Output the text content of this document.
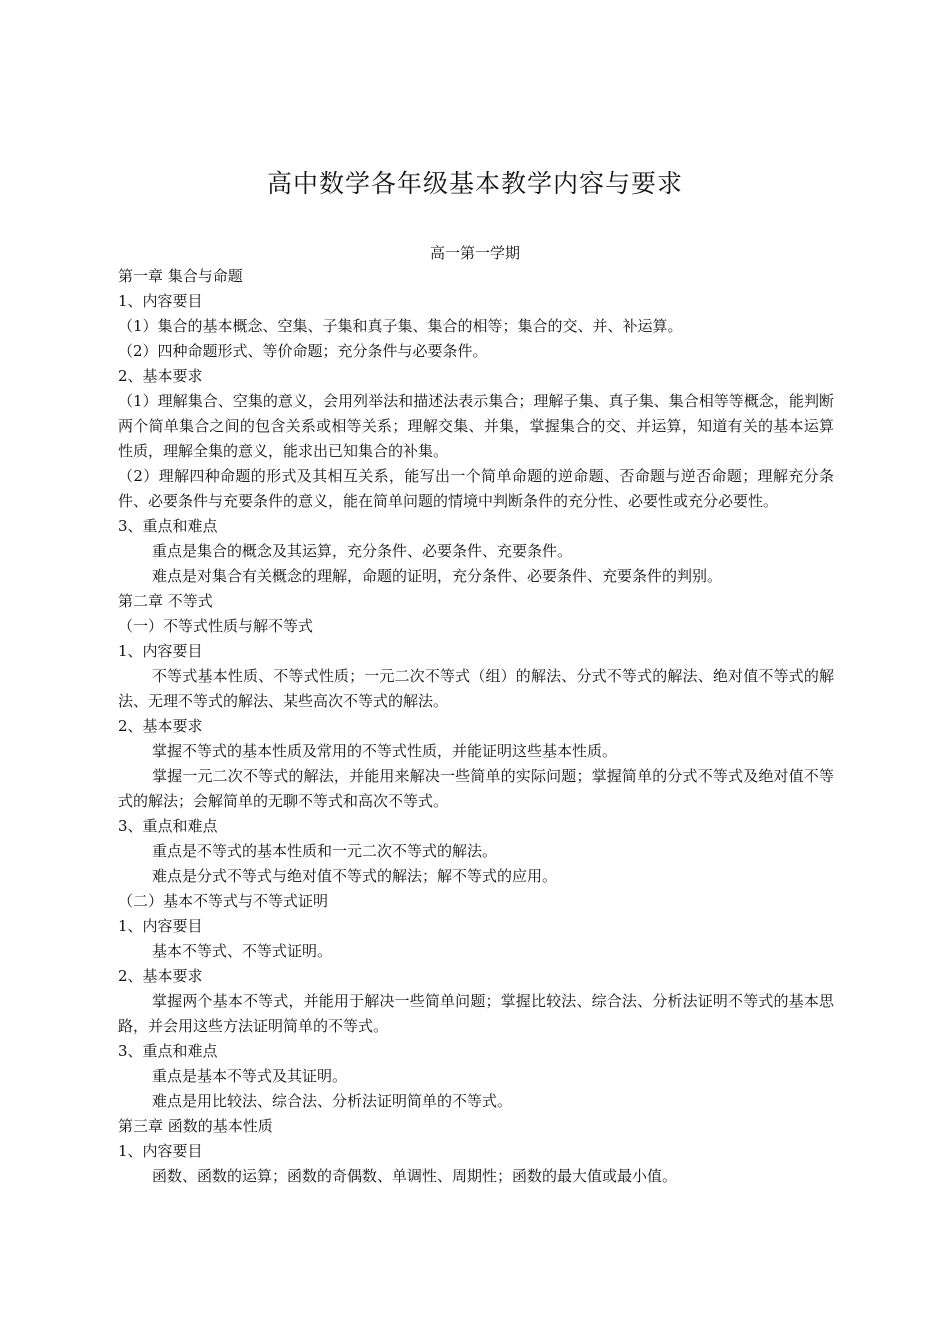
高中数学各年级基本教学内容与要求
高一第一学期

第一章 集合与命题

1、内容要目

（1）集合的基本概念、空集、子集和真子集、集合的相等；集合的交、并、补运算。

（2）四种命题形式、等价命题；充分条件与必要条件。

2、基本要求

（1）理解集合、空集的意义，会用列举法和描述法表示集合；理解子集、真子集、集合相等等概念，能判断两个简单集合之间的包含关系或相等关系；理解交集、并集，掌握集合的交、并运算，知道有关的基本运算性质，理解全集的意义，能求出已知集合的补集。

（2）理解四种命题的形式及其相互关系，能写出一个简单命题的逆命题、否命题与逆否命题；理解充分条件、必要条件与充要条件的意义，能在简单问题的情境中判断条件的充分性、必要性或充分必要性。

3、重点和难点

重点是集合的概念及其运算，充分条件、必要条件、充要条件。

难点是对集合有关概念的理解，命题的证明，充分条件、必要条件、充要条件的判别。

第二章 不等式

（一）不等式性质与解不等式

1、内容要目

不等式基本性质、不等式性质；一元二次不等式（组）的解法、分式不等式的解法、绝对值不等式的解法、无理不等式的解法、某些高次不等式的解法。

2、基本要求

掌握不等式的基本性质及常用的不等式性质，并能证明这些基本性质。

掌握一元二次不等式的解法，并能用来解决一些简单的实际问题；掌握简单的分式不等式及绝对值不等式的解法；会解简单的无聊不等式和高次不等式。

3、重点和难点

重点是不等式的基本性质和一元二次不等式的解法。

难点是分式不等式与绝对值不等式的解法；解不等式的应用。

（二）基本不等式与不等式证明

1、内容要目

基本不等式、不等式证明。

2、基本要求

掌握两个基本不等式，并能用于解决一些简单问题；掌握比较法、综合法、分析法证明不等式的基本思路，并会用这些方法证明简单的不等式。

3、重点和难点

重点是基本不等式及其证明。

难点是用比较法、综合法、分析法证明简单的不等式。

第三章 函数的基本性质

1、内容要目

函数、函数的运算；函数的奇偶数、单调性、周期性；函数的最大值或最小值。
